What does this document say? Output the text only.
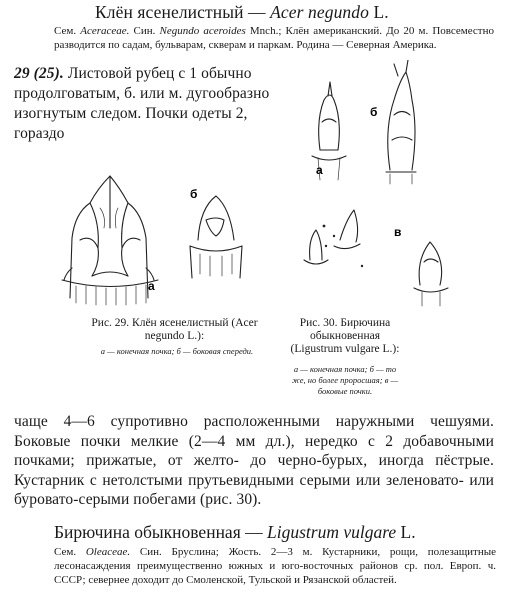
Клён ясенелистный — Acer negundo L.
Сем. Aceraceae. Син. Negundo aceroides Mnch.; Клён американский. До 20 м. Повсеместно разводится по садам, бульварам, скверам и паркам. Родина — Северная Америка.
29 (25). Листовой рубец с 1 обычно продолговатым, б. или м. дугообразно изогнутым следом. Почки одеты 2, гораздо
а
б
а
б
в
Рис. 29. Клён ясенелистный (Acer negundo L.):
а — конечная почка; б — боковая спереди.
Рис. 30. Бирючина обыкновенная (Ligustrum vulgare L.):
а — конечная почка; б — то же, но более проросшая; в — боковые почки.
чаще 4—6 супротивно расположенными наружными чешуями. Боковые почки мелкие (2—4 мм дл.), нередко с 2 добавочными почками; прижатые, от желто- до черно-бурых, иногда пёстрые. Кустарник с нетолстыми прутьевидными серыми или зеленовато- или буровато-серыми побегами (рис. 30).
Бирючина обыкновенная — Ligustrum vulgare L.
Сем. Oleaceae. Син. Бруслина; Жость. 2—3 м. Кустарники, рощи, полезащитные лесонасаждения преимущественно южных и юго-восточных районов ср. пол. Европ. ч. СССР; севернее доходит до Смоленской, Тульской и Рязанской областей.
